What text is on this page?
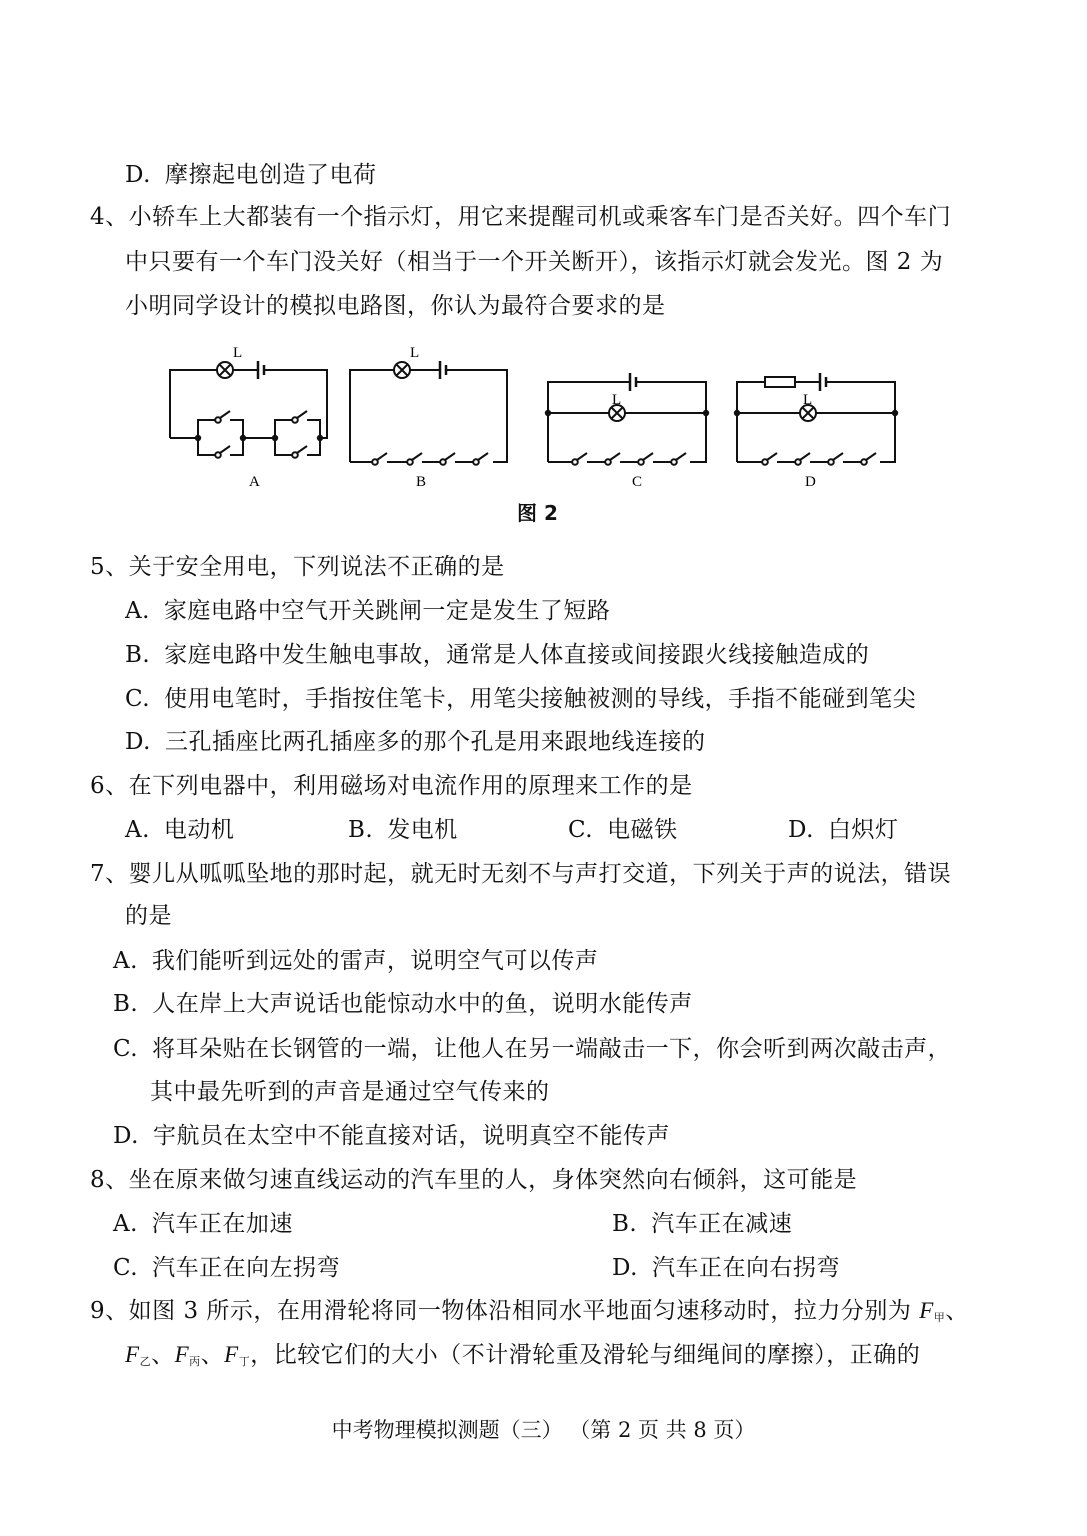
D. 摩擦起电创造了电荷
4、小轿车上大都装有一个指示灯，用它来提醒司机或乘客车门是否关好。四个车门
中只要有一个车门没关好（相当于一个开关断开），该指示灯就会发光。图 2 为
小明同学设计的模拟电路图，你认为最符合要求的是
L	L
L	L
A	B	C	D
图 2
5、关于安全用电，下列说法不正确的是
A. 家庭电路中空气开关跳闸一定是发生了短路
B. 家庭电路中发生触电事故，通常是人体直接或间接跟火线接触造成的
C. 使用电笔时，手指按住笔卡，用笔尖接触被测的导线，手指不能碰到笔尖
D. 三孔插座比两孔插座多的那个孔是用来跟地线连接的
6、在下列电器中，利用磁场对电流作用的原理来工作的是
A. 电动机	B. 发电机	C. 电磁铁	D. 白炽灯
7、婴儿从呱呱坠地的那时起，就无时无刻不与声打交道，下列关于声的说法，错误
的是
A. 我们能听到远处的雷声，说明空气可以传声
B. 人在岸上大声说话也能惊动水中的鱼，说明水能传声
C. 将耳朵贴在长钢管的一端，让他人在另一端敲击一下，你会听到两次敲击声，
其中最先听到的声音是通过空气传来的
D. 宇航员在太空中不能直接对话，说明真空不能传声
8、坐在原来做匀速直线运动的汽车里的人，身体突然向右倾斜，这可能是
A. 汽车正在加速	B. 汽车正在减速
C. 汽车正在向左拐弯	D. 汽车正在向右拐弯
9、如图 3 所示，在用滑轮将同一物体沿相同水平地面匀速移动时，拉力分别为 $F_甲$、
$F_乙$、$F_丙$、$F_丁$，比较它们的大小（不计滑轮重及滑轮与细绳间的摩擦），正确的
中考物理模拟测题（三） （第 2 页 共 8 页）
